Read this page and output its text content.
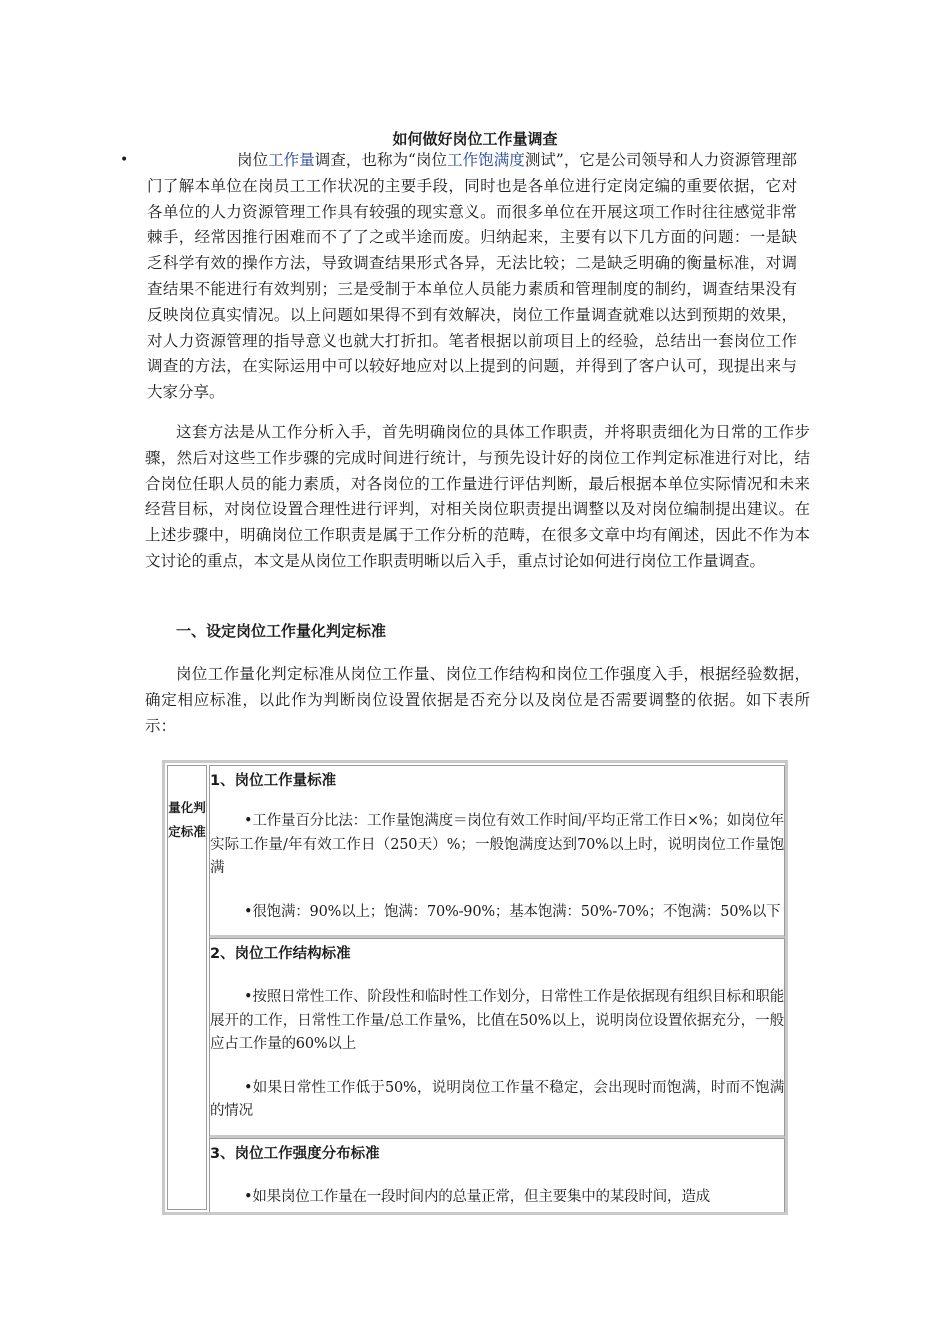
如何做好岗位工作量调查
•	岗位工作量调查，也称为“岗位工作饱满度测试”，它是公司领导和人力资源管理部门了解本单位在岗员工工作状况的主要手段，同时也是各单位进行定岗定编的重要依据，它对各单位的人力资源管理工作具有较强的现实意义。而很多单位在开展这项工作时往往感觉非常棘手，经常因推行困难而不了了之或半途而废。归纳起来，主要有以下几方面的问题：一是缺乏科学有效的操作方法，导致调查结果形式各异，无法比较；二是缺乏明确的衡量标准，对调查结果不能进行有效判别；三是受制于本单位人员能力素质和管理制度的制约，调查结果没有反映岗位真实情况。以上问题如果得不到有效解决，岗位工作量调查就难以达到预期的效果，对人力资源管理的指导意义也就大打折扣。笔者根据以前项目上的经验，总结出一套岗位工作调查的方法，在实际运用中可以较好地应对以上提到的问题，并得到了客户认可，现提出来与大家分享。
这套方法是从工作分析入手，首先明确岗位的具体工作职责，并将职责细化为日常的工作步骤，然后对这些工作步骤的完成时间进行统计，与预先设计好的岗位工作判定标准进行对比，结合岗位任职人员的能力素质，对各岗位的工作量进行评估判断，最后根据本单位实际情况和未来经营目标，对岗位设置合理性进行评判，对相关岗位职责提出调整以及对岗位编制提出建议。在上述步骤中，明确岗位工作职责是属于工作分析的范畴，在很多文章中均有阐述，因此不作为本文讨论的重点，本文是从岗位工作职责明晰以后入手，重点讨论如何进行岗位工作量调查。
一、设定岗位工作量化判定标准
岗位工作量化判定标准从岗位工作量、岗位工作结构和岗位工作强度入手，根据经验数据，确定相应标准，以此作为判断岗位设置依据是否充分以及岗位是否需要调整的依据。如下表所示：
量化判
定标准
1、岗位工作量标准
•工作量百分比法：工作量饱满度＝岗位有效工作时间/平均正常工作日×%；如岗位年实际工作量/年有效工作日（250天）%；一般饱满度达到70%以上时，说明岗位工作量饱满
•很饱满：90%以上；饱满：70%-90%；基本饱满：50%-70%；不饱满：50%以下
2、岗位工作结构标准
•按照日常性工作、阶段性和临时性工作划分，日常性工作是依据现有组织目标和职能展开的工作，日常性工作量/总工作量%，比值在50%以上，说明岗位设置依据充分，一般应占工作量的60%以上
•如果日常性工作低于50%，说明岗位工作量不稳定，会出现时而饱满，时而不饱满的情况
3、岗位工作强度分布标准
•如果岗位工作量在一段时间内的总量正常，但主要集中的某段时间，造成
